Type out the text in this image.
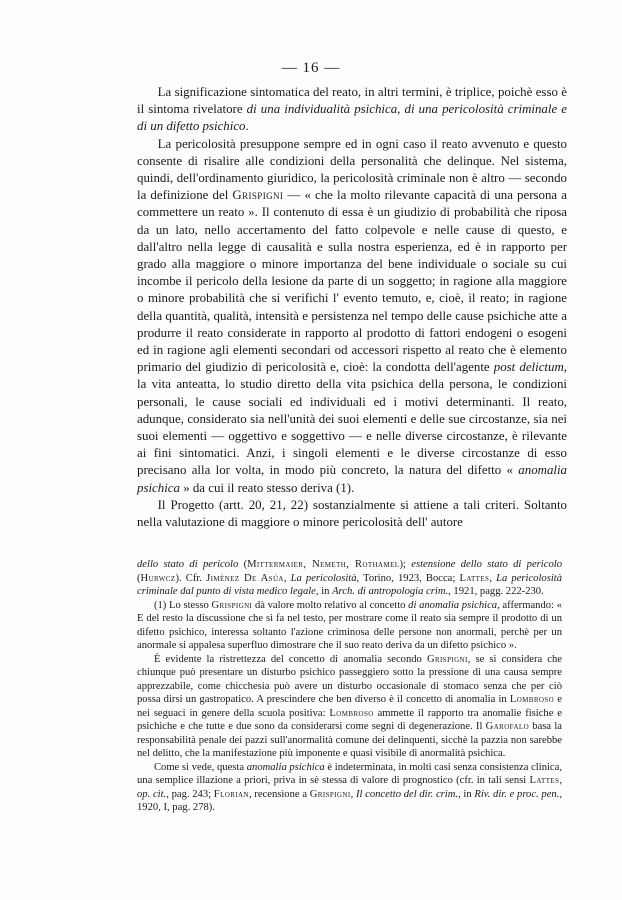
— 16 —

La significazione sintomatica del reato, in altri termini, è triplice, poichè esso è il sintoma rivelatore di una individualità psichica, di una pericolosità criminale e di un difetto psichico.

La pericolosità presuppone sempre ed in ogni caso il reato avvenuto e questo consente di risalire alle condizioni della personalità che delinque. Nel sistema, quindi, dell'ordinamento giuridico, la pericolosità criminale non è altro — secondo la definizione del Grispigni — « che la molto rilevante capacità di una persona a commettere un reato ». Il contenuto di essa è un giudizio di probabilità che riposa da un lato, nello accertamento del fatto colpevole e nelle cause di questo, e dall'altro nella legge di causalità e sulla nostra esperienza, ed è in rapporto per grado alla maggiore o minore importanza del bene individuale o sociale su cui incombe il pericolo della lesione da parte di un soggetto; in ragione alla maggiore o minore probabilità che si verifichi l' evento temuto, e, cioè, il reato; in ragione della quantità, qualità, intensità e persistenza nel tempo delle cause psichiche atte a produrre il reato considerate in rapporto al prodotto di fattori endogeni o esogeni ed in ragione agli elementi secondari od accessori rispetto al reato che è elemento primario del giudizio di pericolosità e, cioè: la condotta dell'agente post delictum, la vita anteatta, lo studio diretto della vita psichica della persona, le condizioni personali, le cause sociali ed individuali ed i motivi determinanti. Il reato, adunque, considerato sia nell'unità dei suoi elementi e delle sue circostanze, sia nei suoi elementi — oggettivo e soggettivo — e nelle diverse circostanze, è rilevante ai fini sintomatici. Anzi, i singoli elementi e le diverse circostanze di esso precisano alla lor volta, in modo più concreto, la natura del difetto « anomalia psichica » da cui il reato stesso deriva (1).

Il Progetto (artt. 20, 21, 22) sostanzialmente si attiene a tali criteri. Soltanto nella valutazione di maggiore o minore pericolosità dell' autore

dello stato di pericolo (Mittermaier, Nemeth, Rothamel); estensione dello stato di pericolo (Hurwcz). Cfr. Jiménez De Asúa, La pericolosità, Torino, 1923, Bocca; Lattes, La pericolosità criminale dal punto di vista medico legale, in Arch. di antropologia crim., 1921, pagg. 222-230.

(1) Lo stesso Grispigni dà valore molto relativo al concetto di anomalia psichica, affermando: « E del resto la discussione che si fa nel testo, per mostrare come il reato sia sempre il prodotto di un difetto psichico, interessa soltanto l'azione criminosa delle persone non anormali, perchè per un anormale si appalesa superfluo dimostrare che il suo reato deriva da un difetto psichico ».

È evidente la ristrettezza del concetto di anomalia secondo Grispigni, se si considera che chiunque può presentare un disturbo psichico passeggiero sotto la pressione di una causa sempre apprezzabile, come chicchesia può avere un disturbo occasionale di stomaco senza che per ciò possa dirsi un gastropatico. A prescindere che ben diverso è il concetto di anomalia in Lombroso e nei seguaci in genere della scuola positiva: Lombroso ammette il rapporto tra anomalie fisiche e psichiche e che tutte e due sono da considerarsi come segni di degenerazione. Il Garofalo basa la responsabilità penale dei pazzi sull'anormalità comune dei delinquenti, sicchè la pazzia non sarebbe nel delitto, che la manifestazione più imponente e quasi visibile di anormalità psichica.

Come si vede, questa anomalia psichica è indeterminata, in molti casi senza consistenza clinica, una semplice illazione a priori, priva in sè stessa di valore di prognostico (cfr. in tali sensi Lattes, op. cit., pag. 243; Florian, recensione a Grispigni, Il concetto del dir. crim., in Riv. dir. e proc. pen., 1920, I, pag. 278).
